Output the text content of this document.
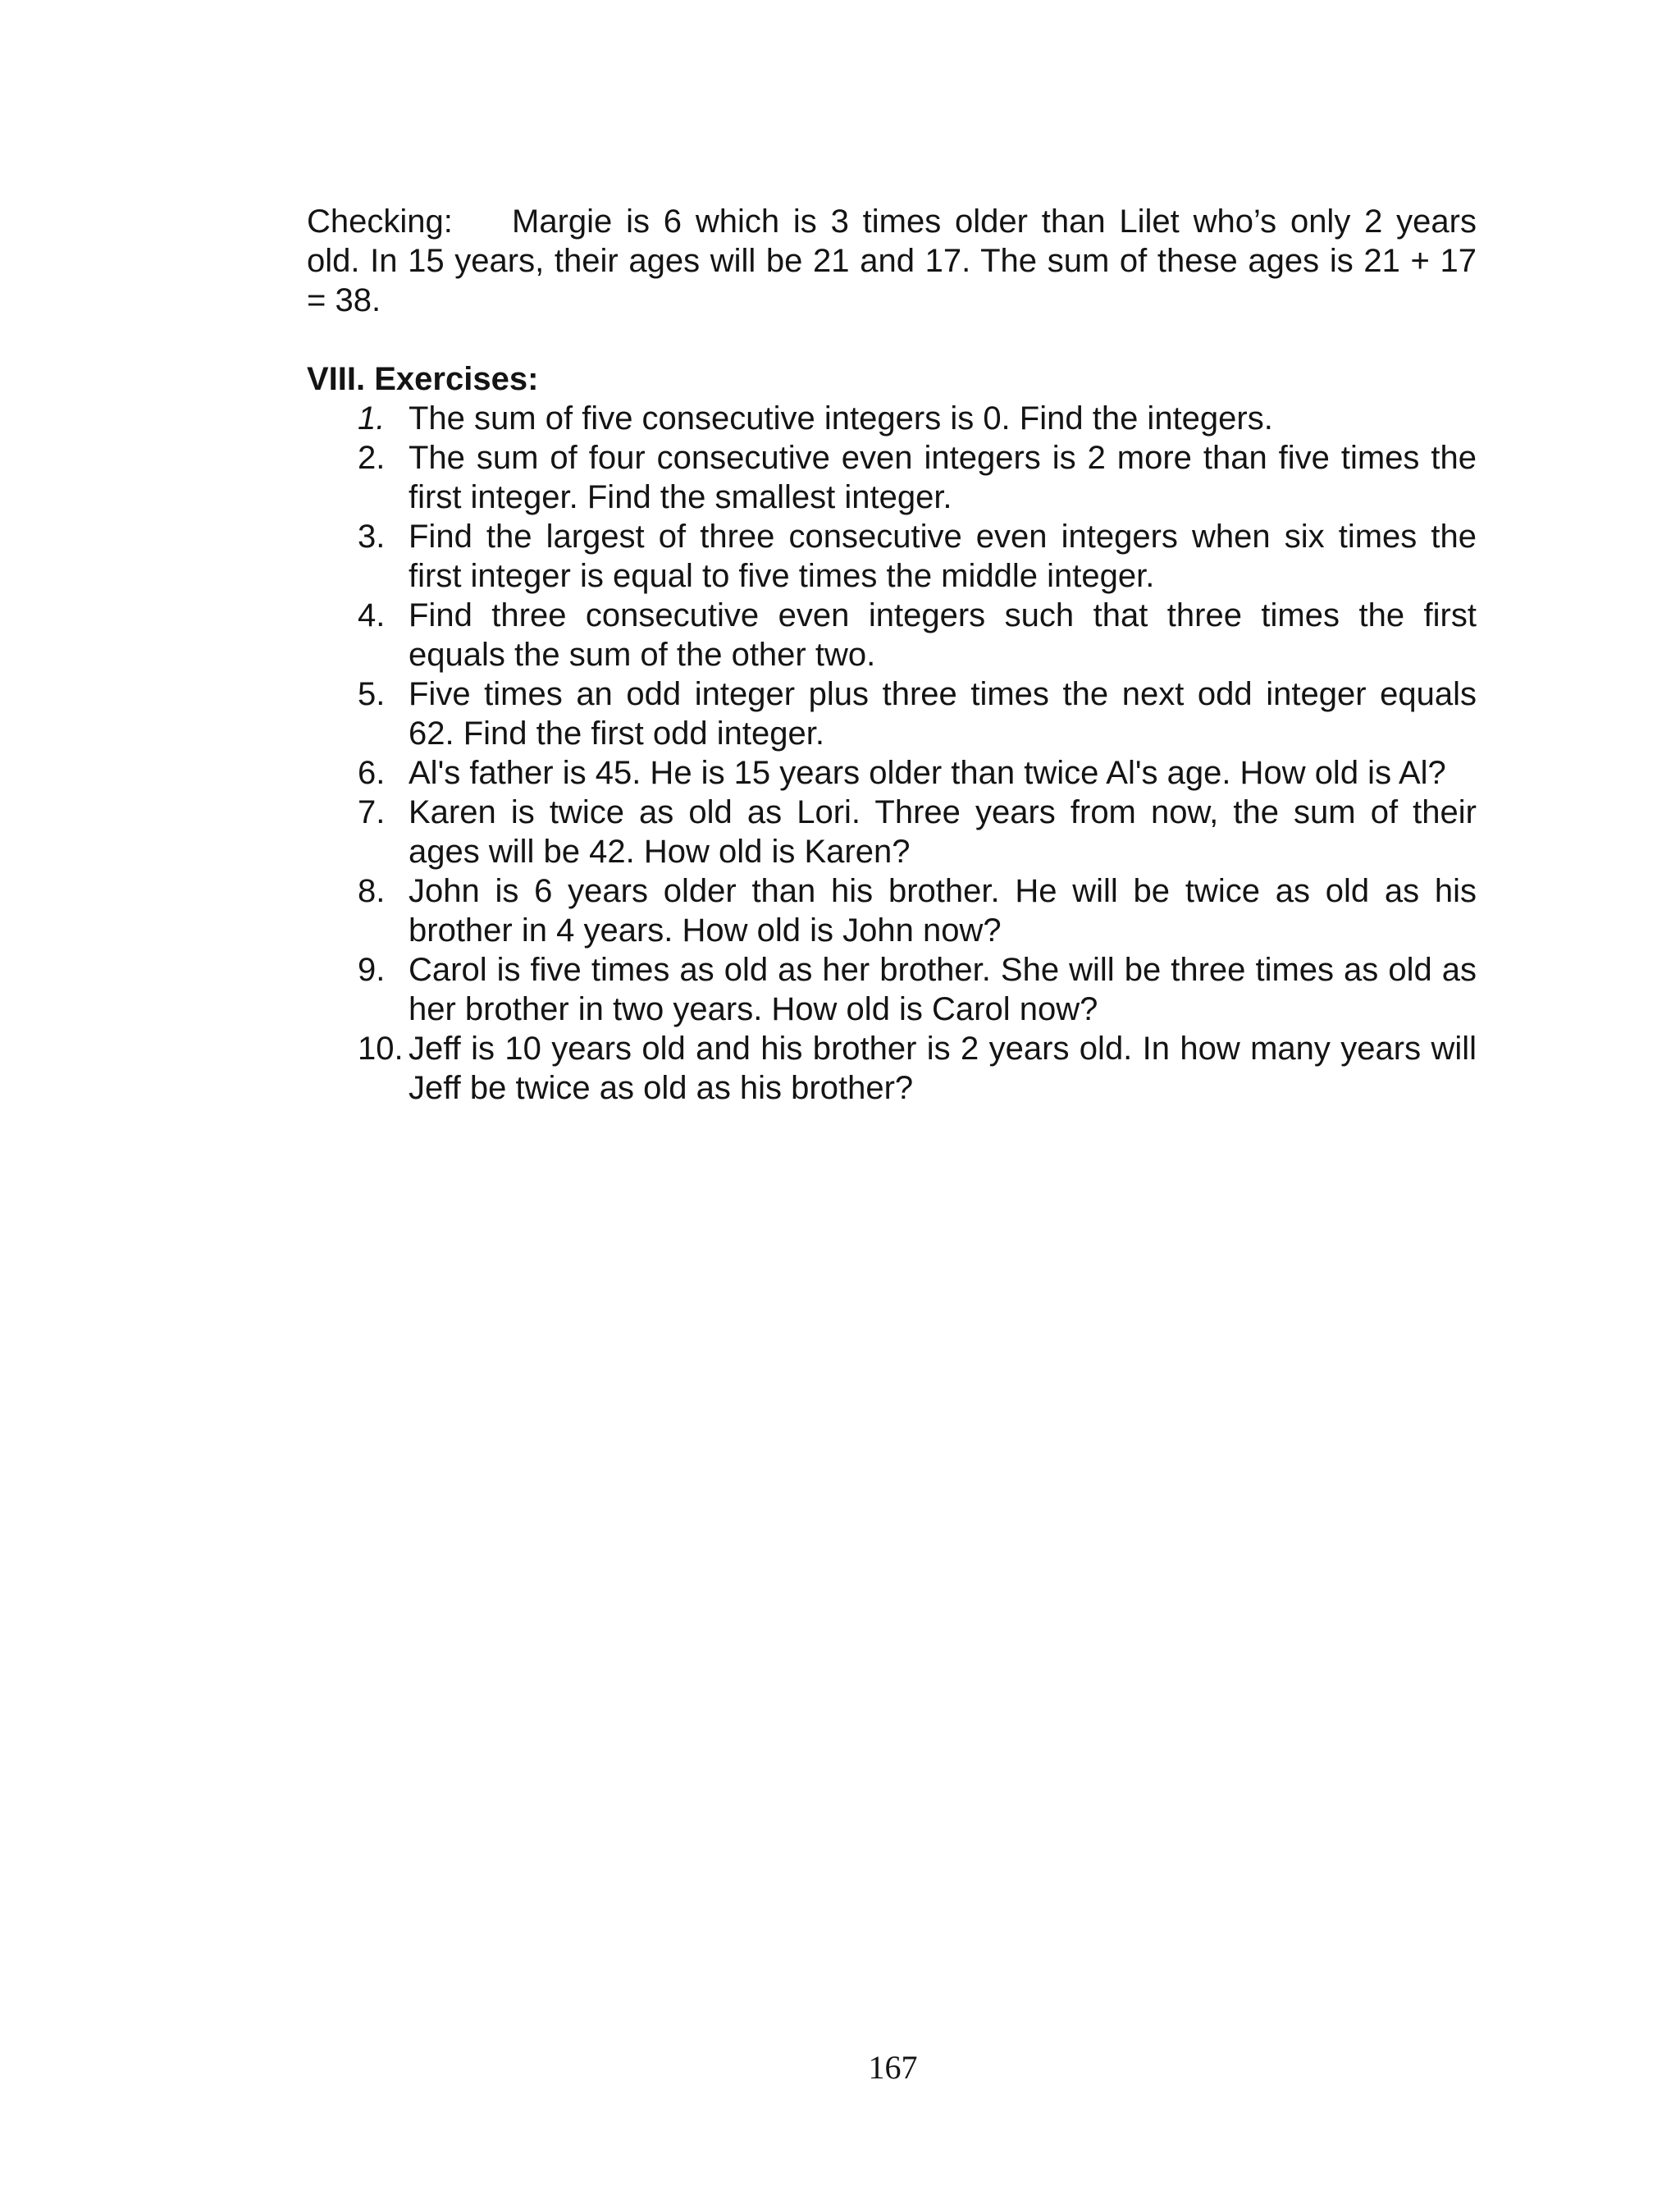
Checking: Margie is 6 which is 3 times older than Lilet who’s only 2 years old. In 15 years, their ages will be 21 and 17. The sum of these ages is 21 + 17 = 38.

VIII. Exercises:

1. The sum of five consecutive integers is 0. Find the integers.
2. The sum of four consecutive even integers is 2 more than five times the first integer. Find the smallest integer.
3. Find the largest of three consecutive even integers when six times the first integer is equal to five times the middle integer.
4. Find three consecutive even integers such that three times the first equals the sum of the other two.
5. Five times an odd integer plus three times the next odd integer equals 62. Find the first odd integer.
6. Al's father is 45. He is 15 years older than twice Al's age. How old is Al?
7. Karen is twice as old as Lori. Three years from now, the sum of their ages will be 42. How old is Karen?
8. John is 6 years older than his brother. He will be twice as old as his brother in 4 years. How old is John now?
9. Carol is five times as old as her brother. She will be three times as old as her brother in two years. How old is Carol now?
10. Jeff is 10 years old and his brother is 2 years old. In how many years will Jeff be twice as old as his brother?
167
